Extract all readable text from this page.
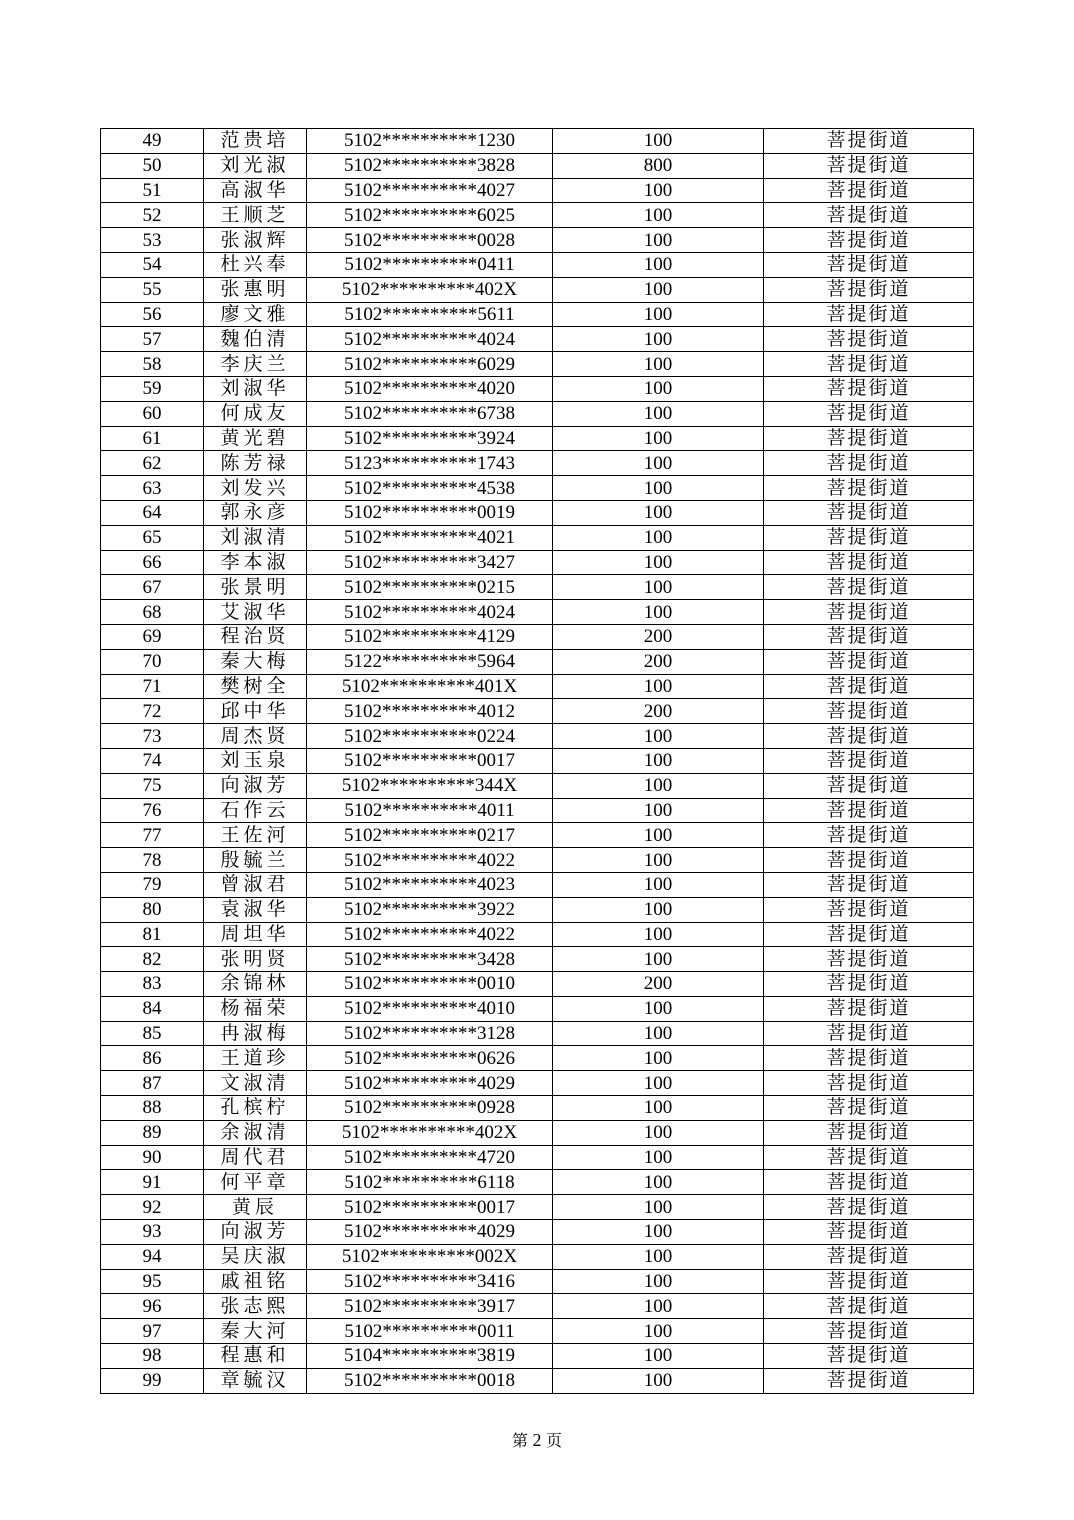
49	范贵培	5102**********1230	100	菩提街道
50	刘光淑	5102**********3828	800	菩提街道
51	高淑华	5102**********4027	100	菩提街道
52	王顺芝	5102**********6025	100	菩提街道
53	张淑辉	5102**********0028	100	菩提街道
54	杜兴奉	5102**********0411	100	菩提街道
55	张惠明	5102**********402X	100	菩提街道
56	廖文雅	5102**********5611	100	菩提街道
57	魏伯清	5102**********4024	100	菩提街道
58	李庆兰	5102**********6029	100	菩提街道
59	刘淑华	5102**********4020	100	菩提街道
60	何成友	5102**********6738	100	菩提街道
61	黄光碧	5102**********3924	100	菩提街道
62	陈芳禄	5123**********1743	100	菩提街道
63	刘发兴	5102**********4538	100	菩提街道
64	郭永彦	5102**********0019	100	菩提街道
65	刘淑清	5102**********4021	100	菩提街道
66	李本淑	5102**********3427	100	菩提街道
67	张景明	5102**********0215	100	菩提街道
68	艾淑华	5102**********4024	100	菩提街道
69	程治贤	5102**********4129	200	菩提街道
70	秦大梅	5122**********5964	200	菩提街道
71	樊树全	5102**********401X	100	菩提街道
72	邱中华	5102**********4012	200	菩提街道
73	周杰贤	5102**********0224	100	菩提街道
74	刘玉泉	5102**********0017	100	菩提街道
75	向淑芳	5102**********344X	100	菩提街道
76	石作云	5102**********4011	100	菩提街道
77	王佐河	5102**********0217	100	菩提街道
78	殷毓兰	5102**********4022	100	菩提街道
79	曾淑君	5102**********4023	100	菩提街道
80	袁淑华	5102**********3922	100	菩提街道
81	周坦华	5102**********4022	100	菩提街道
82	张明贤	5102**********3428	100	菩提街道
83	余锦林	5102**********0010	200	菩提街道
84	杨福荣	5102**********4010	100	菩提街道
85	冉淑梅	5102**********3128	100	菩提街道
86	王道珍	5102**********0626	100	菩提街道
87	文淑清	5102**********4029	100	菩提街道
88	孔槟柠	5102**********0928	100	菩提街道
89	余淑清	5102**********402X	100	菩提街道
90	周代君	5102**********4720	100	菩提街道
91	何平章	5102**********6118	100	菩提街道
92	黄辰	5102**********0017	100	菩提街道
93	向淑芳	5102**********4029	100	菩提街道
94	吴庆淑	5102**********002X	100	菩提街道
95	戚祖铭	5102**********3416	100	菩提街道
96	张志熙	5102**********3917	100	菩提街道
97	秦大河	5102**********0011	100	菩提街道
98	程惠和	5104**********3819	100	菩提街道
99	章毓汉	5102**********0018	100	菩提街道
第 2 页
